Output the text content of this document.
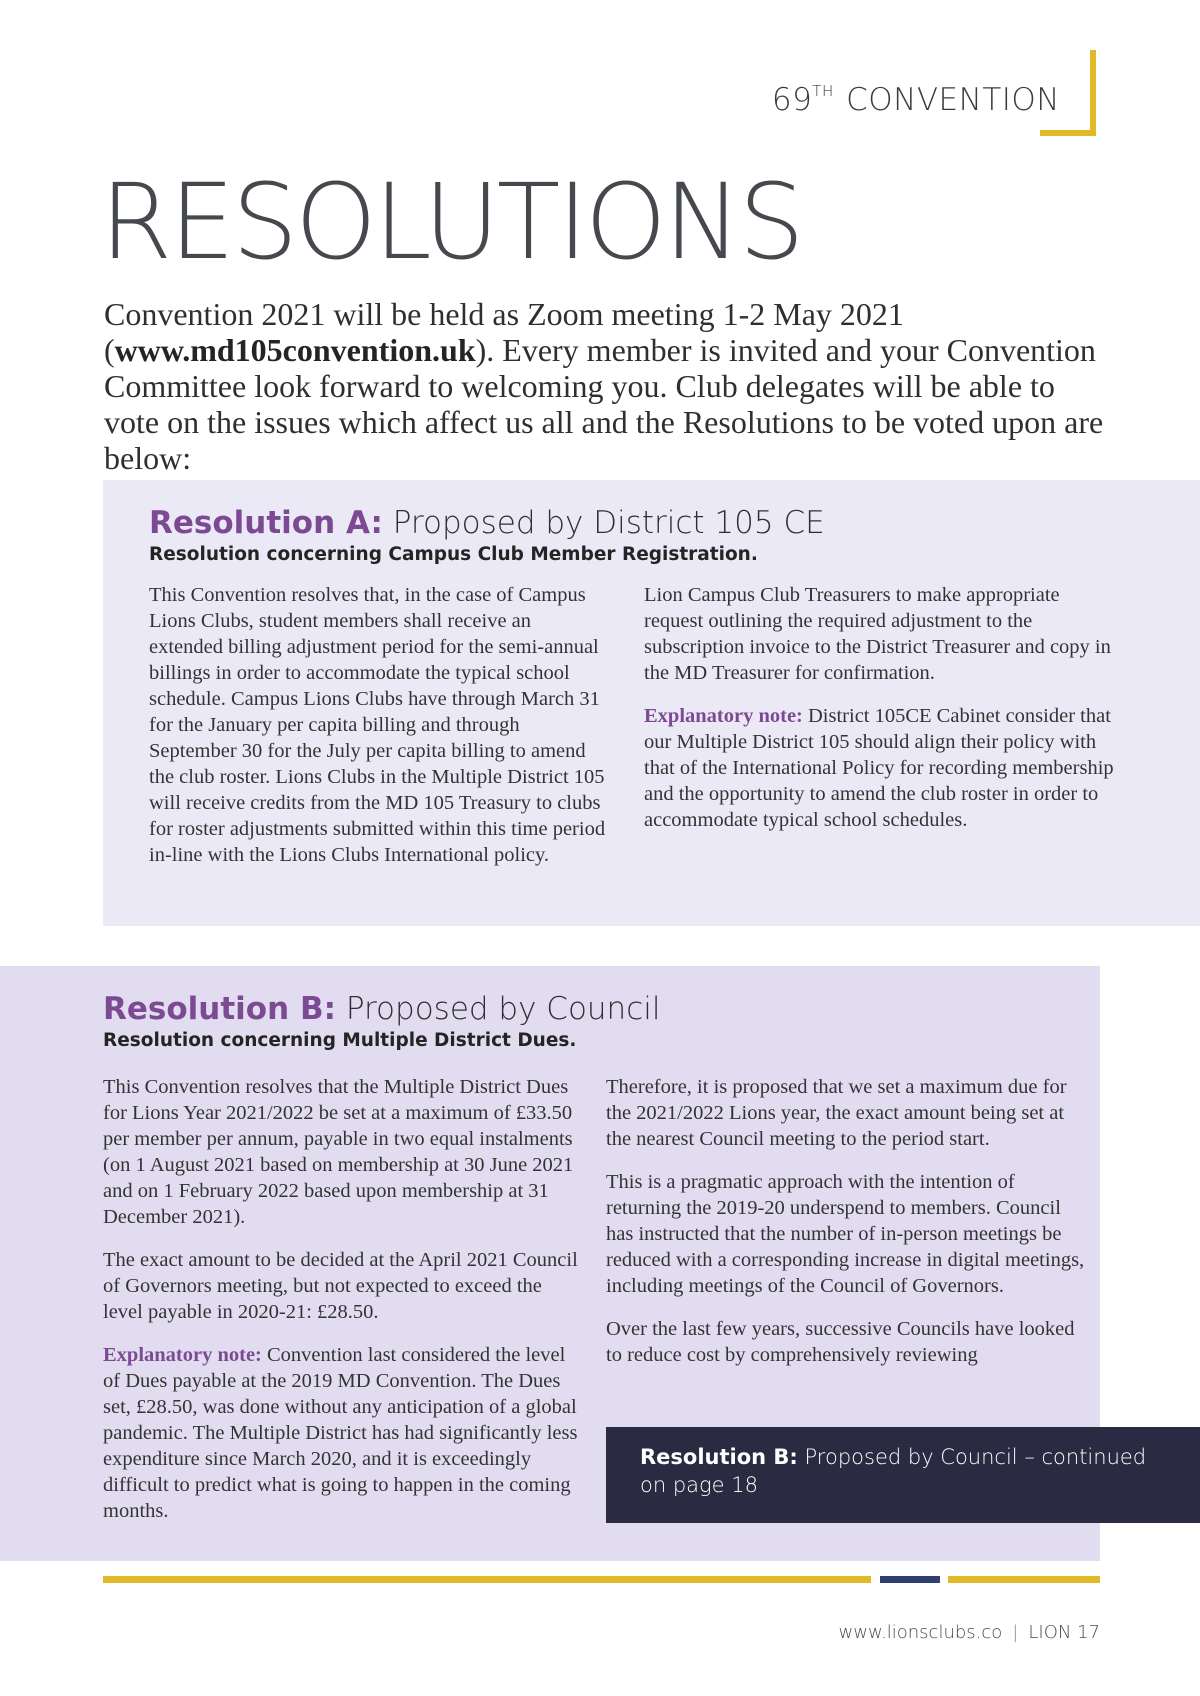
69TH CONVENTION
RESOLUTIONS

Convention 2021 will be held as Zoom meeting 1-2 May 2021 (www.md105convention.uk). Every member is invited and your Convention Committee look forward to welcoming you. Club delegates will be able to vote on the issues which affect us all and the Resolutions to be voted upon are below:

Resolution A: Proposed by District 105 CE

Resolution concerning Campus Club Member Registration.

This Convention resolves that, in the case of Campus Lions Clubs, student members shall receive an extended billing adjustment period for the semi-annual billings in order to accommodate the typical school schedule. Campus Lions Clubs have through March 31 for the January per capita billing and through September 30 for the July per capita billing to amend the club roster. Lions Clubs in the Multiple District 105 will receive credits from the MD 105 Treasury to clubs for roster adjustments submitted within this time period in-line with the Lions Clubs International policy.

Lion Campus Club Treasurers to make appropriate request outlining the required adjustment to the subscription invoice to the District Treasurer and copy in the MD Treasurer for confirmation.

Explanatory note: District 105CE Cabinet consider that our Multiple District 105 should align their policy with that of the International Policy for recording membership and the opportunity to amend the club roster in order to accommodate typical school schedules.

Resolution B: Proposed by Council

Resolution concerning Multiple District Dues.

This Convention resolves that the Multiple District Dues for Lions Year 2021/2022 be set at a maximum of £33.50 per member per annum, payable in two equal instalments (on 1 August 2021 based on membership at 30 June 2021 and on 1 February 2022 based upon membership at 31 December 2021).

The exact amount to be decided at the April 2021 Council of Governors meeting, but not expected to exceed the level payable in 2020-21: £28.50.

Explanatory note: Convention last considered the level of Dues payable at the 2019 MD Convention. The Dues set, £28.50, was done without any anticipation of a global pandemic. The Multiple District has had significantly less expenditure since March 2020, and it is exceedingly difficult to predict what is going to happen in the coming months.

Therefore, it is proposed that we set a maximum due for the 2021/2022 Lions year, the exact amount being set at the nearest Council meeting to the period start.

This is a pragmatic approach with the intention of returning the 2019-20 underspend to members. Council has instructed that the number of in-person meetings be reduced with a corresponding increase in digital meetings, including meetings of the Council of Governors.

Over the last few years, successive Councils have looked to reduce cost by comprehensively reviewing

Resolution B: Proposed by Council – continued on page 18
www.lionsclubs.co | LION 17
